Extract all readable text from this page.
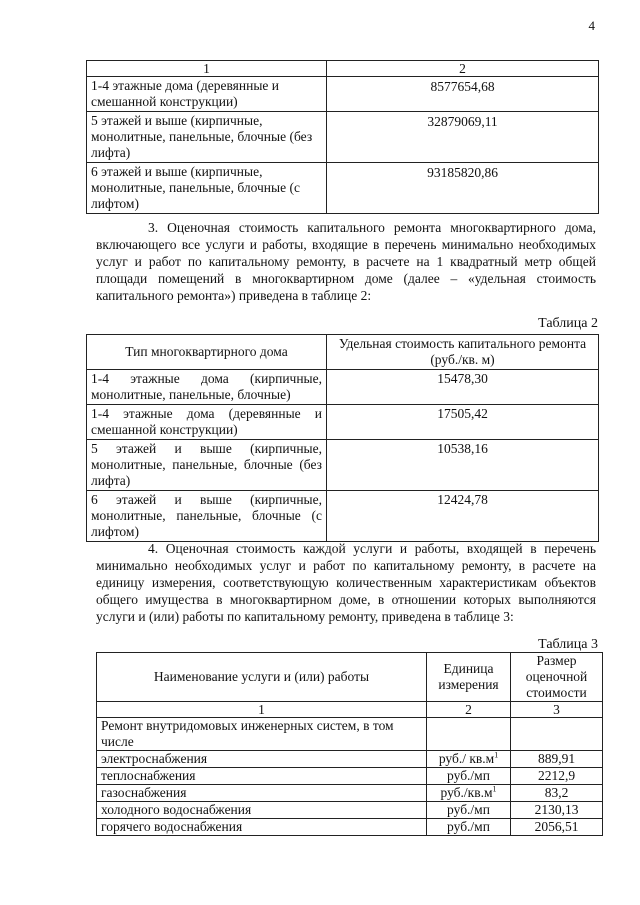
4
1	2
1-4 этажные дома (деревянные и смешанной конструкции)	8577654,68
5 этажей и выше (кирпичные, монолитные, панельные, блочные (без лифта)	32879069,11
6 этажей и выше (кирпичные, монолитные, панельные, блочные (с лифтом)	93185820,86
3. Оценочная стоимость капитального ремонта многоквартирного дома, включающего все услуги и работы, входящие в перечень минимально необходимых услуг и работ по капитальному ремонту, в расчете на 1 квадратный метр общей площади помещений в многоквартирном доме (далее – «удельная стоимость капитального ремонта») приведена в таблице 2:
Таблица 2
Тип многоквартирного дома	Удельная стоимость капитального ремонта (руб./кв. м)
1-4 этажные дома (кирпичные, монолитные, панельные, блочные)	15478,30
1-4 этажные дома (деревянные и смешанной конструкции)	17505,42
5 этажей и выше (кирпичные, монолитные, панельные, блочные (без лифта)	10538,16
6 этажей и выше (кирпичные, монолитные, панельные, блочные (с лифтом)	12424,78
4. Оценочная стоимость каждой услуги и работы, входящей в перечень минимально необходимых услуг и работ по капитальному ремонту, в расчете на единицу измерения, соответствующую количественным характеристикам объектов общего имущества в многоквартирном доме, в отношении которых выполняются услуги и (или) работы по капитальному ремонту, приведена в таблице 3:
Таблица 3
Наименование услуги и (или) работы	Единица измерения	Размер оценочной стоимости
1	2	3
Ремонт внутридомовых инженерных систем, в том числе		
электроснабжения	руб./ $кв.м^1$	889,91
теплоснабжения	руб./мп	2212,9
газоснабжения	$руб./кв.м^1$	83,2
холодного водоснабжения	руб./мп	2130,13
горячего водоснабжения	руб./мп	2056,51
